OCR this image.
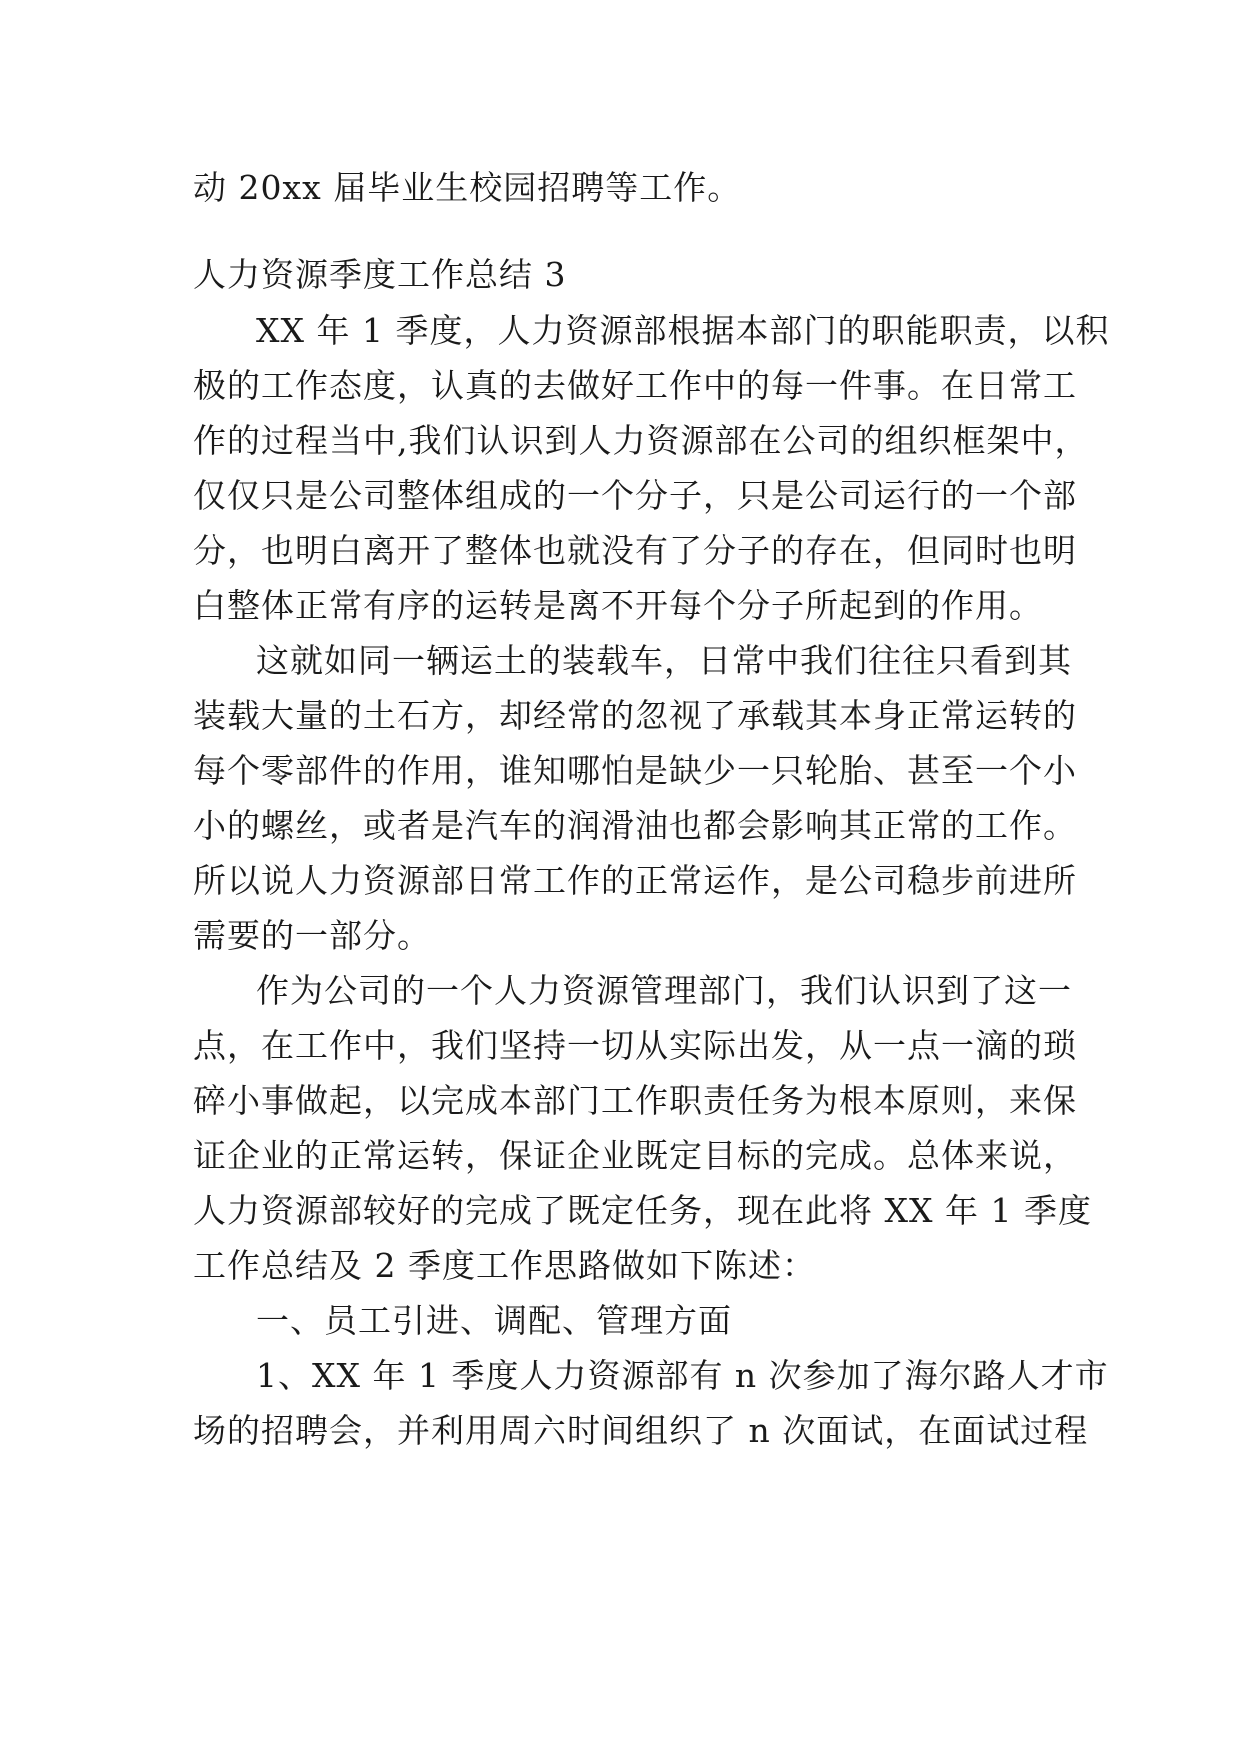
动 20xx 届毕业生校园招聘等工作。
人力资源季度工作总结 3
XX 年 1 季度，人力资源部根据本部门的职能职责，以积
极的工作态度，认真的去做好工作中的每一件事。在日常工
作的过程当中,我们认识到人力资源部在公司的组织框架中，
仅仅只是公司整体组成的一个分子，只是公司运行的一个部
分，也明白离开了整体也就没有了分子的存在，但同时也明
白整体正常有序的运转是离不开每个分子所起到的作用。
这就如同一辆运土的装载车，日常中我们往往只看到其
装载大量的土石方，却经常的忽视了承载其本身正常运转的
每个零部件的作用，谁知哪怕是缺少一只轮胎、甚至一个小
小的螺丝，或者是汽车的润滑油也都会影响其正常的工作。
所以说人力资源部日常工作的正常运作，是公司稳步前进所
需要的一部分。
作为公司的一个人力资源管理部门，我们认识到了这一
点，在工作中，我们坚持一切从实际出发，从一点一滴的琐
碎小事做起，以完成本部门工作职责任务为根本原则，来保
证企业的正常运转，保证企业既定目标的完成。总体来说，
人力资源部较好的完成了既定任务，现在此将 XX 年 1 季度
工作总结及 2 季度工作思路做如下陈述：
一、员工引进、调配、管理方面
1、XX 年 1 季度人力资源部有 n 次参加了海尔路人才市
场的招聘会，并利用周六时间组织了 n 次面试，在面试过程
